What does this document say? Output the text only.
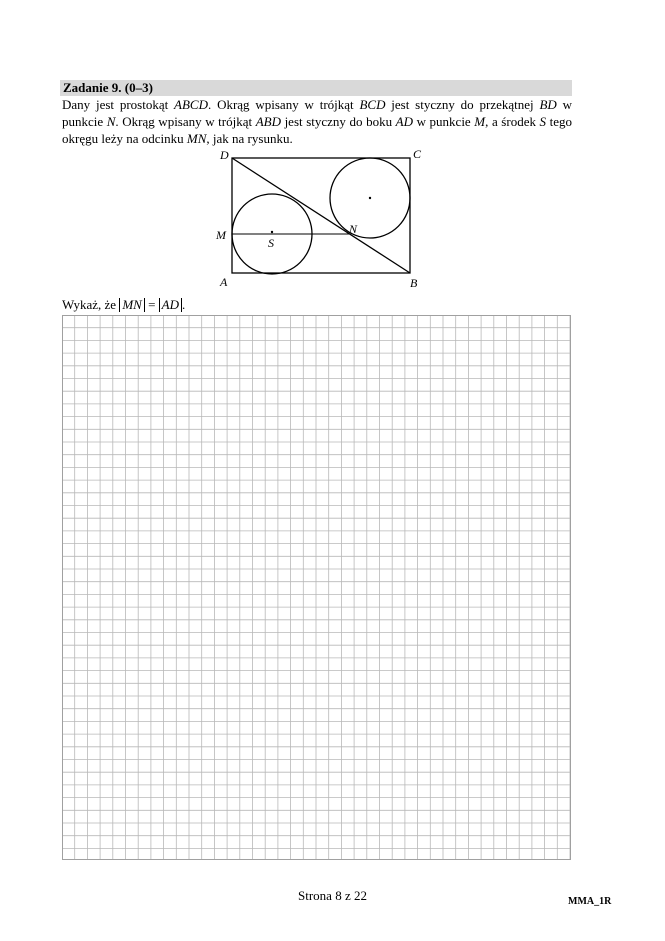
Zadanie 9. (0–3)
Dany jest prostokąt ABCD. Okrąg wpisany w trójkąt BCD jest styczny do przekątnej BD w punkcie N. Okrąg wpisany w trójkąt ABD jest styczny do boku AD w punkcie M, a środek S tego okręgu leży na odcinku MN, jak na rysunku.
D	C
A	B
M	N
S
Wykaż, że MN = AD .
Strona 8 z 22	MMA_1R
